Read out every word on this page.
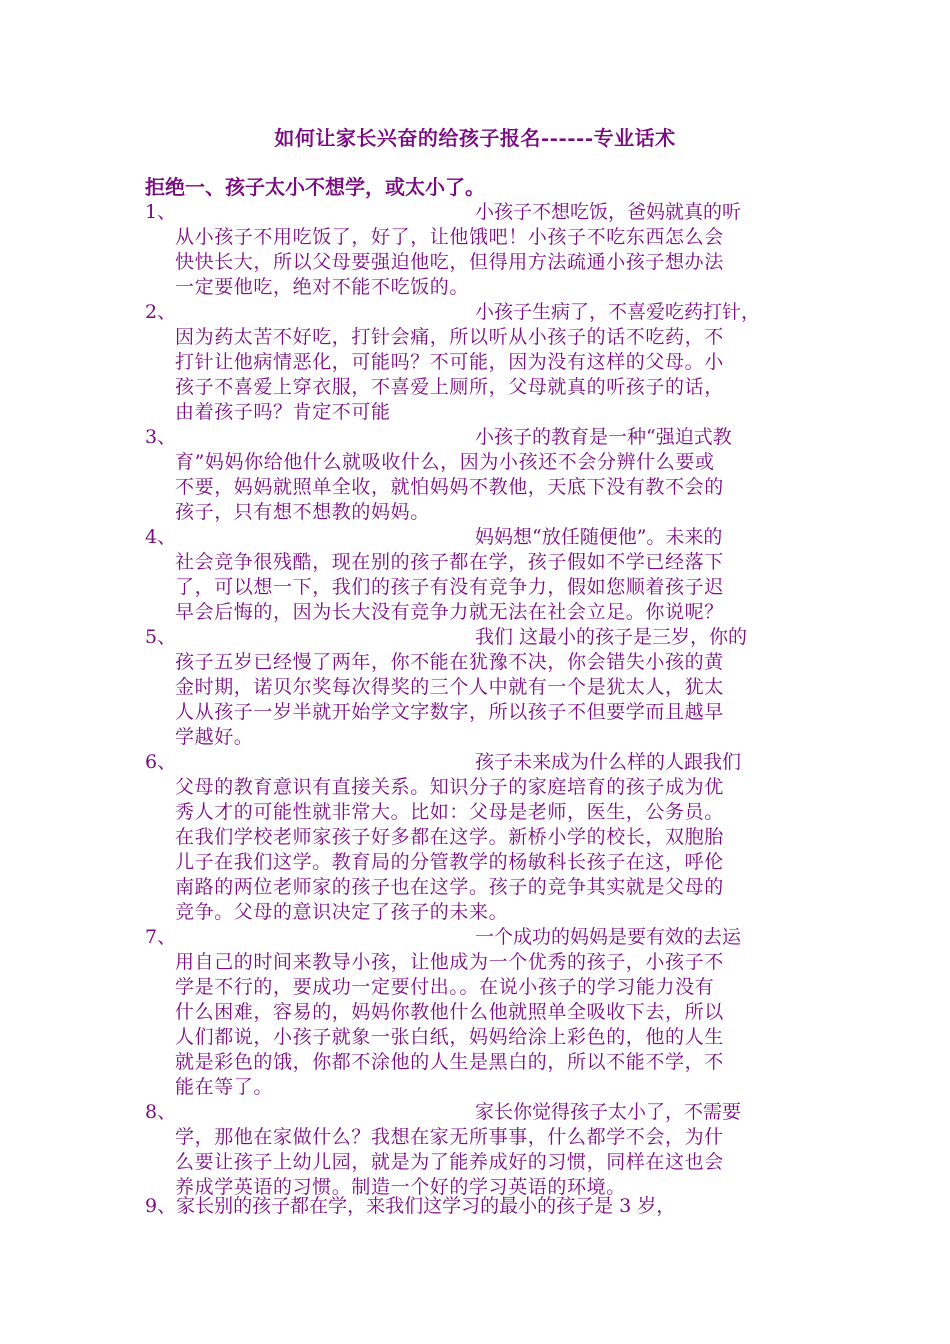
如何让家长兴奋的给孩子报名------专业话术
拒绝一、孩子太小不想学，或太小了。
1、	小孩子不想吃饭，爸妈就真的听
从小孩子不用吃饭了，好了，让他饿吧！小孩子不吃东西怎么会
快快长大，所以父母要强迫他吃，但得用方法疏通小孩子想办法
一定要他吃，绝对不能不吃饭的。
2、	小孩子生病了，不喜爱吃药打针，
因为药太苦不好吃，打针会痛，所以听从小孩子的话不吃药，不
打针让他病情恶化，可能吗？不可能，因为没有这样的父母。小
孩子不喜爱上穿衣服，不喜爱上厕所，父母就真的听孩子的话，
由着孩子吗？肯定不可能
3、	小孩子的教育是一种“强迫式教
育”妈妈你给他什么就吸收什么，因为小孩还不会分辨什么要或
不要，妈妈就照单全收，就怕妈妈不教他，天底下没有教不会的
孩子，只有想不想教的妈妈。
4、	妈妈想“放任随便他”。未来的
社会竞争很残酷，现在别的孩子都在学，孩子假如不学已经落下
了，可以想一下，我们的孩子有没有竞争力，假如您顺着孩子迟
早会后悔的，因为长大没有竞争力就无法在社会立足。你说呢？
5、	我们 这最小的孩子是三岁，你的
孩子五岁已经慢了两年，你不能在犹豫不决，你会错失小孩的黄
金时期，诺贝尔奖每次得奖的三个人中就有一个是犹太人，犹太
人从孩子一岁半就开始学文字数字，所以孩子不但要学而且越早
学越好。
6、	孩子未来成为什么样的人跟我们
父母的教育意识有直接关系。知识分子的家庭培育的孩子成为优
秀人才的可能性就非常大。比如：父母是老师，医生，公务员。
在我们学校老师家孩子好多都在这学。新桥小学的校长，双胞胎
儿子在我们这学。教育局的分管教学的杨敏科长孩子在这，呼伦
南路的两位老师家的孩子也在这学。孩子的竞争其实就是父母的
竞争。父母的意识决定了孩子的未来。
7、	一个成功的妈妈是要有效的去运
用自己的时间来教导小孩，让他成为一个优秀的孩子，小孩子不
学是不行的，要成功一定要付出。。在说小孩子的学习能力没有
什么困难，容易的，妈妈你教他什么他就照单全吸收下去，所以
人们都说，小孩子就象一张白纸，妈妈给涂上彩色的，他的人生
就是彩色的饿，你都不涂他的人生是黑白的，所以不能不学，不
能在等了。
8、	家长你觉得孩子太小了，不需要
学，那他在家做什么？我想在家无所事事，什么都学不会，为什
么要让孩子上幼儿园，就是为了能养成好的习惯，同样在这也会
养成学英语的习惯。制造一个好的学习英语的环境。
9、家长别的孩子都在学，来我们这学习的最小的孩子是 3 岁，
